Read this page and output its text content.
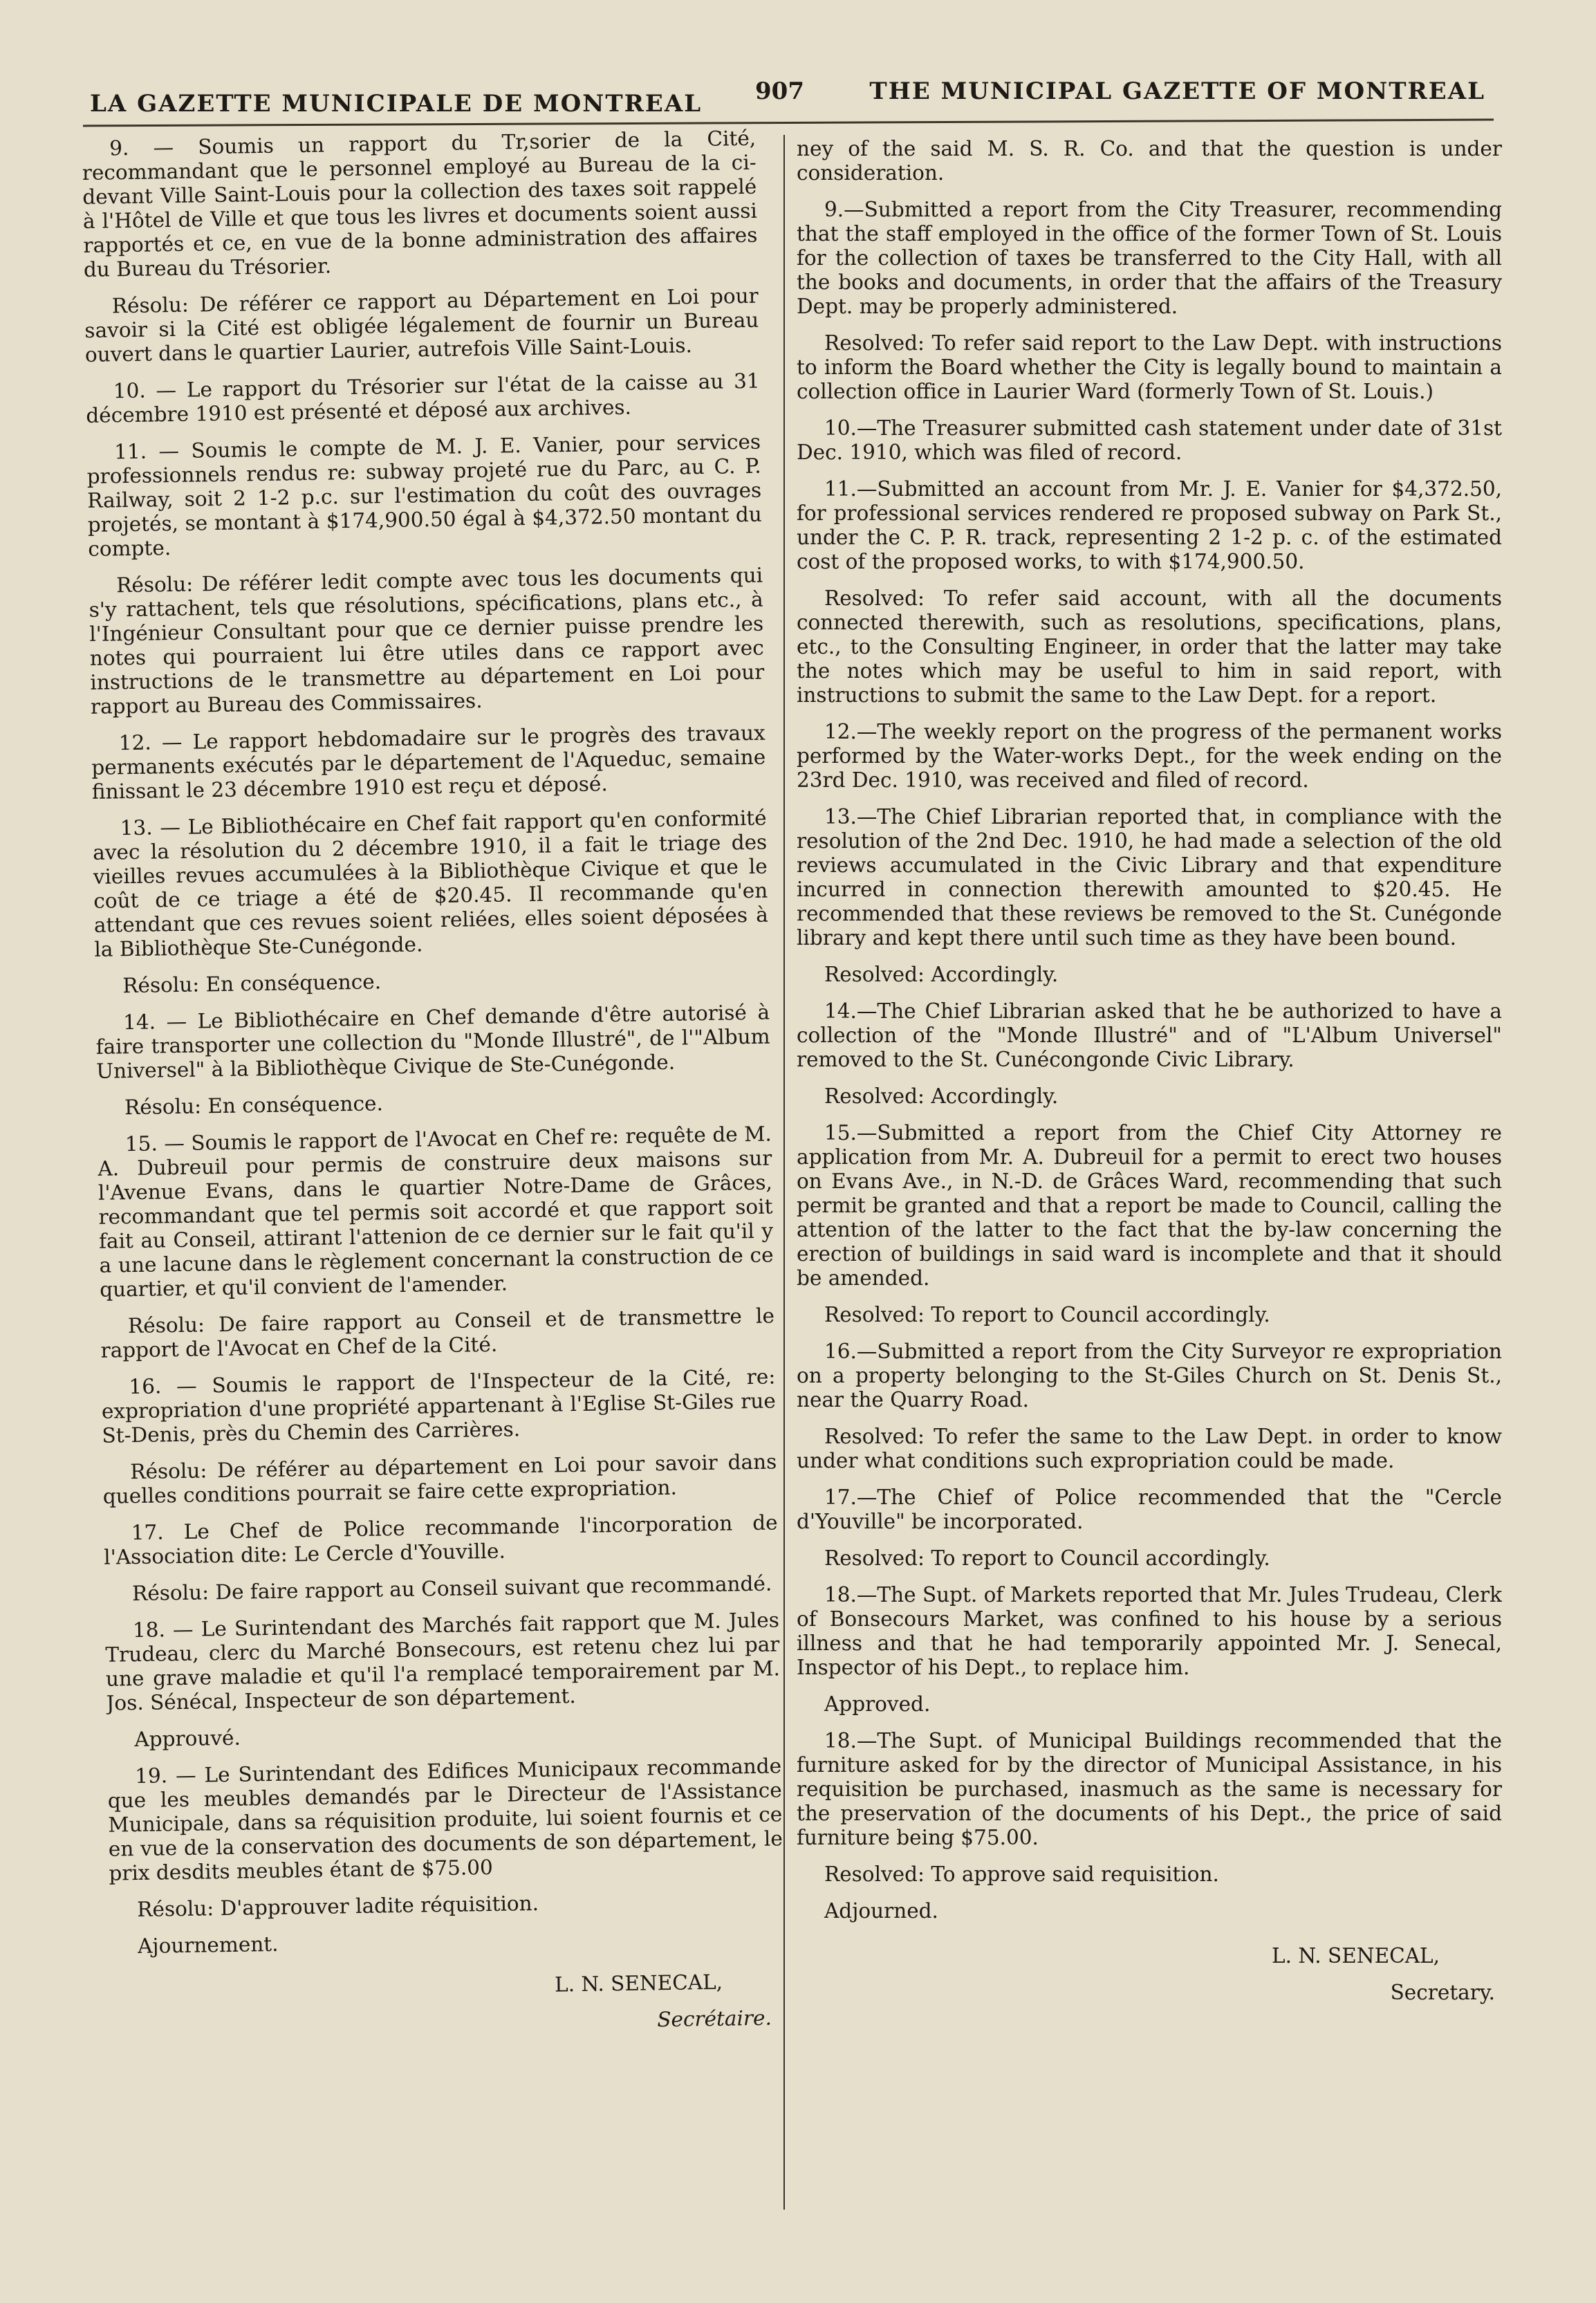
LA GAZETTE MUNICIPALE DE MONTREAL 907	THE MUNICIPAL GAZETTE OF MONTREAL

9. — Soumis un rapport du Tr,sorier de la Cité, recommandant que le personnel employé au Bureau de la ci-devant Ville Saint-Louis pour la collection des taxes soit rappelé à l'Hôtel de Ville et que tous les livres et documents soient aussi rapportés et ce, en vue de la bonne administration des affaires du Bureau du Trésorier.

Résolu: De référer ce rapport au Département en Loi pour savoir si la Cité est obligée légalement de fournir un Bureau ouvert dans le quartier Laurier, autrefois Ville Saint-Louis.

10. — Le rapport du Trésorier sur l'état de la caisse au 31 décembre 1910 est présenté et déposé aux archives.

11. — Soumis le compte de M. J. E. Vanier, pour services professionnels rendus re: subway projeté rue du Parc, au C. P. Railway, soit 2 1-2 p.c. sur l'estimation du coût des ouvrages projetés, se montant à $174,900.50 égal à $4,372.50 montant du compte.

Résolu: De référer ledit compte avec tous les documents qui s'y rattachent, tels que résolutions, spécifications, plans etc., à l'Ingénieur Consultant pour que ce dernier puisse prendre les notes qui pourraient lui être utiles dans ce rapport avec instructions de le transmettre au département en Loi pour rapport au Bureau des Commissaires.

12. — Le rapport hebdomadaire sur le progrès des travaux permanents exécutés par le département de l'Aqueduc, semaine finissant le 23 décembre 1910 est reçu et déposé.

13. — Le Bibliothécaire en Chef fait rapport qu'en conformité avec la résolution du 2 décembre 1910, il a fait le triage des vieilles revues accumulées à la Bibliothèque Civique et que le coût de ce triage a été de $20.45. Il recommande qu'en attendant que ces revues soient reliées, elles soient déposées à la Bibliothèque Ste-Cunégonde.

Résolu: En conséquence.

14. — Le Bibliothécaire en Chef demande d'être autorisé à faire transporter une collection du "Monde Illustré", de l'"Album Universel" à la Bibliothèque Civique de Ste-Cunégonde.

Résolu: En conséquence.

15. — Soumis le rapport de l'Avocat en Chef re: requête de M. A. Dubreuil pour permis de construire deux maisons sur l'Avenue Evans, dans le quartier Notre-Dame de Grâces, recommandant que tel permis soit accordé et que rapport soit fait au Conseil, attirant l'attenion de ce dernier sur le fait qu'il y a une lacune dans le règlement concernant la construction de ce quartier, et qu'il convient de l'amender.

Résolu: De faire rapport au Conseil et de transmettre le rapport de l'Avocat en Chef de la Cité.

16. — Soumis le rapport de l'Inspecteur de la Cité, re: expropriation d'une propriété appartenant à l'Eglise St-Giles rue St-Denis, près du Chemin des Carrières.

Résolu: De référer au département en Loi pour savoir dans quelles conditions pourrait se faire cette expropriation.

17. Le Chef de Police recommande l'incorporation de l'Association dite: Le Cercle d'Youville.

Résolu: De faire rapport au Conseil suivant que recommandé.

18. — Le Surintendant des Marchés fait rapport que M. Jules Trudeau, clerc du Marché Bonsecours, est retenu chez lui par une grave maladie et qu'il l'a remplacé temporairement par M. Jos. Sénécal, Inspecteur de son département.

Approuvé.

19. — Le Surintendant des Edifices Municipaux recommande que les meubles demandés par le Directeur de l'Assistance Municipale, dans sa réquisition produite, lui soient fournis et ce en vue de la conservation des documents de son département, le prix desdits meubles étant de $75.00

Résolu: D'approuver ladite réquisition.

Ajournement.

L. N. SENECAL,

Secrétaire.

ney of the said M. S. R. Co. and that the question is under consideration.

9.—Submitted a report from the City Treasurer, recommending that the staff employed in the office of the former Town of St. Louis for the collection of taxes be transferred to the City Hall, with all the books and documents, in order that the affairs of the Treasury Dept. may be properly administered.

Resolved: To refer said report to the Law Dept. with instructions to inform the Board whether the City is legally bound to maintain a collection office in Laurier Ward (formerly Town of St. Louis.)

10.—The Treasurer submitted cash statement under date of 31st Dec. 1910, which was filed of record.

11.—Submitted an account from Mr. J. E. Vanier for $4,372.50, for professional services rendered re proposed subway on Park St., under the C. P. R. track, representing 2 1-2 p. c. of the estimated cost of the proposed works, to with $174,900.50.

Resolved: To refer said account, with all the documents connected therewith, such as resolutions, specifications, plans, etc., to the Consulting Engineer, in order that the latter may take the notes which may be useful to him in said report, with instructions to submit the same to the Law Dept. for a report.

12.—The weekly report on the progress of the permanent works performed by the Water-works Dept., for the week ending on the 23rd Dec. 1910, was received and filed of record.

13.—The Chief Librarian reported that, in compliance with the resolution of the 2nd Dec. 1910, he had made a selection of the old reviews accumulated in the Civic Library and that expenditure incurred in connection therewith amounted to $20.45. He recommended that these reviews be removed to the St. Cunégonde library and kept there until such time as they have been bound.

Resolved: Accordingly.

14.—The Chief Librarian asked that he be authorized to have a collection of the "Monde Illustré" and of "L'Album Universel" removed to the St. Cunécongonde Civic Library.

Resolved: Accordingly.

15.—Submitted a report from the Chief City Attorney re application from Mr. A. Dubreuil for a permit to erect two houses on Evans Ave., in N.-D. de Grâces Ward, recommending that such permit be granted and that a report be made to Council, calling the attention of the latter to the fact that the by-law concerning the erection of buildings in said ward is incomplete and that it should be amended.

Resolved: To report to Council accordingly.

16.—Submitted a report from the City Surveyor re expropriation on a property belonging to the St-Giles Church on St. Denis St., near the Quarry Road.

Resolved: To refer the same to the Law Dept. in order to know under what conditions such expropriation could be made.

17.—The Chief of Police recommended that the "Cercle d'Youville" be incorporated.

Resolved: To report to Council accordingly.

18.—The Supt. of Markets reported that Mr. Jules Trudeau, Clerk of Bonsecours Market, was confined to his house by a serious illness and that he had temporarily appointed Mr. J. Senecal, Inspector of his Dept., to replace him.

Approved.

18.—The Supt. of Municipal Buildings recommended that the furniture asked for by the director of Municipal Assistance, in his requisition be purchased, inasmuch as the same is necessary for the preservation of the documents of his Dept., the price of said furniture being $75.00.

Resolved: To approve said requisition.

Adjourned.

L. N. SENECAL,

Secretary.
